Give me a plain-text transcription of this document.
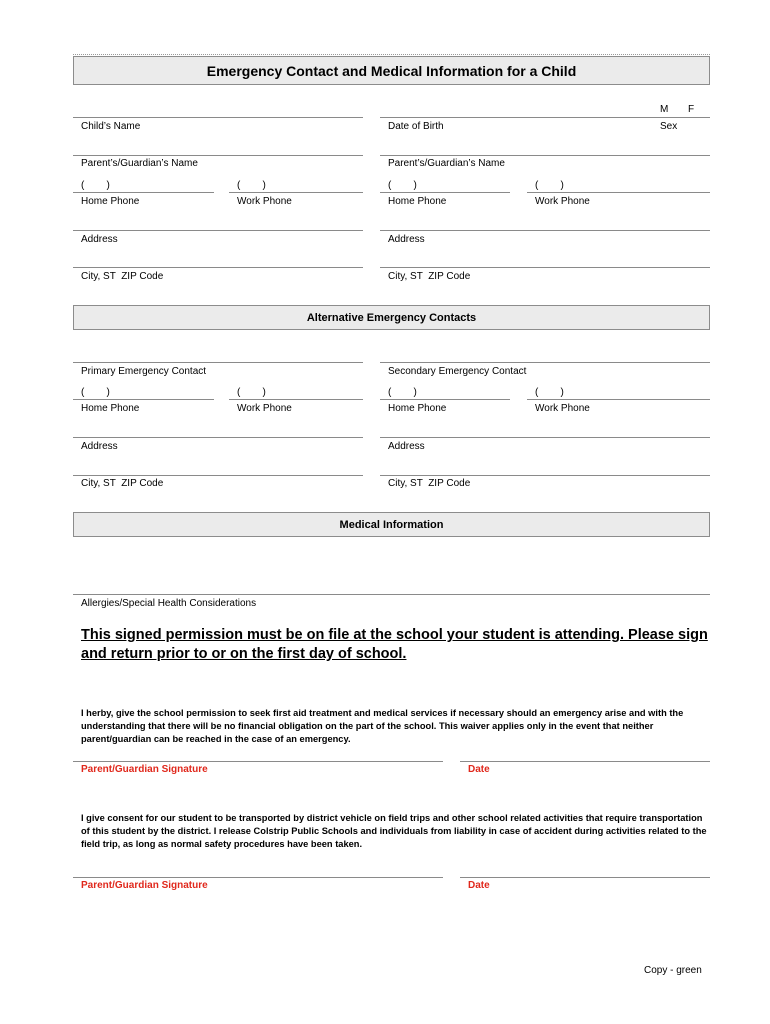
Emergency Contact and Medical Information for a Child
M F
Child’s Name	Date of Birth	Sex
Parent’s/Guardian’s Name	Parent’s/Guardian’s Name
(        )	(        )	(        )	(        )
Home Phone	Work Phone	Home Phone	Work Phone
Address	Address
City, ST  ZIP Code	City, ST  ZIP Code
Alternative Emergency Contacts
Primary Emergency Contact	Secondary Emergency Contact
(        )	(        )	(        )	(        )
Home Phone	Work Phone	Home Phone	Work Phone
Address	Address
City, ST  ZIP Code	City, ST  ZIP Code
Medical Information
Allergies/Special Health Considerations
This signed permission must be on file at the school your student is attending. Please sign and return prior to or on the first day of school.
I herby, give the school permission to seek first aid treatment and medical services if necessary should an emergency arise and with the understanding that there will be no financial obligation on the part of the school. This waiver applies only in the event that neither parent/guardian can be reached in the case of an emergency.
Parent/Guardian Signature	Date
I give consent for our student to be transported by district vehicle on field trips and other school related activities that require transportation of this student by the district. I release Colstrip Public Schools and individuals from liability in case of accident during activities related to the field trip, as long as normal safety procedures have been taken.
Parent/Guardian Signature	Date
Copy - green
